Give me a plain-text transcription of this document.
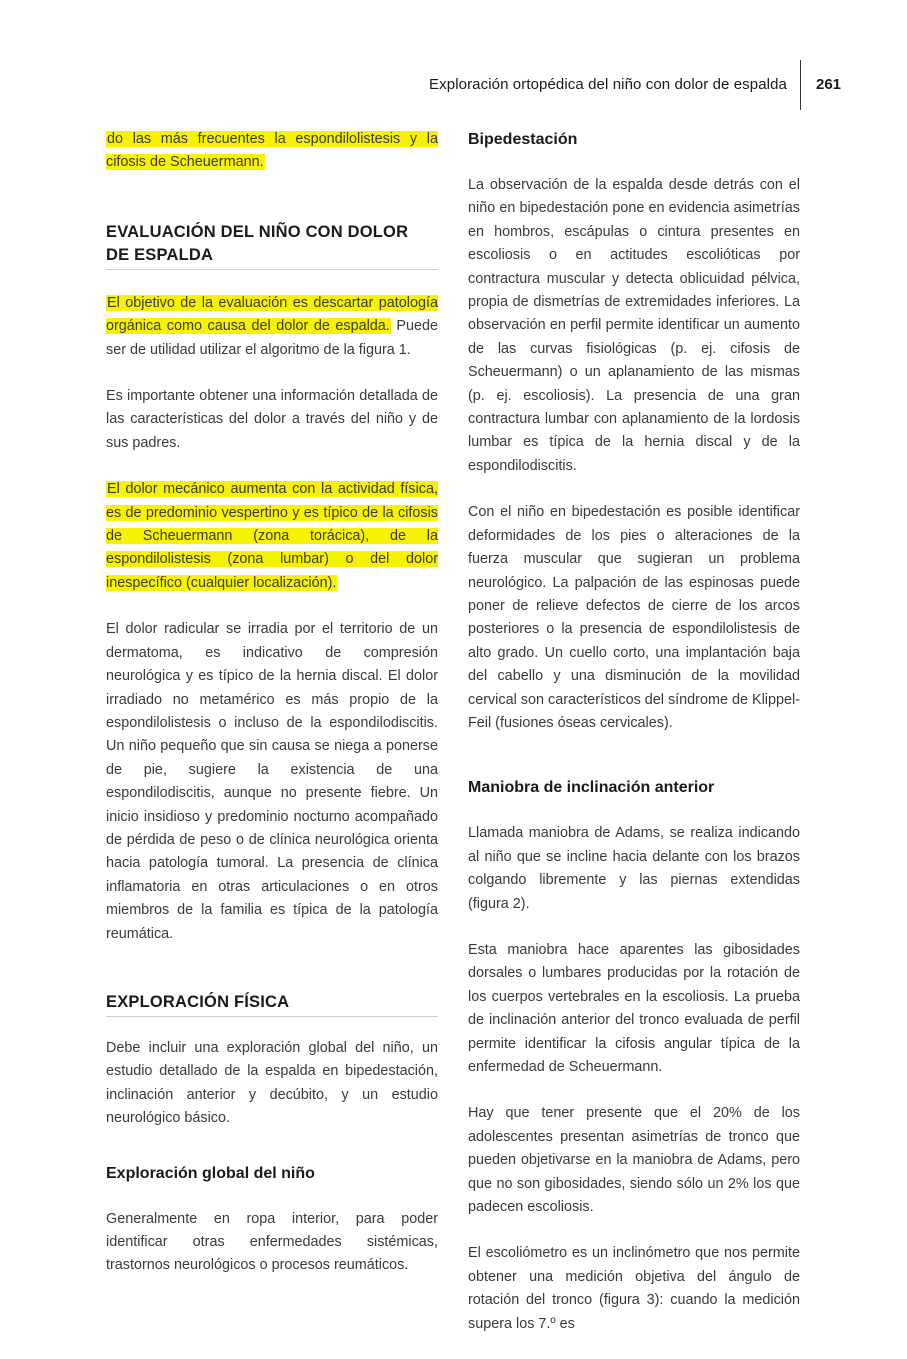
Exploración ortopédica del niño con dolor de espalda 261

do las más frecuentes la espondilolistesis y la cifosis de Scheuermann.

EVALUACIÓN DEL NIÑO CON DOLOR
DE ESPALDA

El objetivo de la evaluación es descartar patología orgánica como causa del dolor de espalda. Puede ser de utilidad utilizar el algoritmo de la figura 1.

Es importante obtener una información detallada de las características del dolor a través del niño y de sus padres.

El dolor mecánico aumenta con la actividad física, es de predominio vespertino y es típico de la cifosis de Scheuermann (zona torácica), de la espondilolistesis (zona lumbar) o del dolor inespecífico (cualquier localización).

El dolor radicular se irradia por el territorio de un dermatoma, es indicativo de compresión neurológica y es típico de la hernia discal. El dolor irradiado no metamérico es más propio de la espondilolistesis o incluso de la espondilodiscitis. Un niño pequeño que sin causa se niega a ponerse de pie, sugiere la existencia de una espondilodiscitis, aunque no presente fiebre. Un inicio insidioso y predominio nocturno acompañado de pérdida de peso o de clínica neurológica orienta hacia patología tumoral. La presencia de clínica inflamatoria en otras articulaciones o en otros miembros de la familia es típica de la patología reumática.

EXPLORACIÓN FÍSICA

Debe incluir una exploración global del niño, un estudio detallado de la espalda en bipedestación, inclinación anterior y decúbito, y un estudio neurológico básico.

Exploración global del niño

Generalmente en ropa interior, para poder identificar otras enfermedades sistémicas, trastornos neurológicos o procesos reumáticos.

Bipedestación

La observación de la espalda desde detrás con el niño en bipedestación pone en evidencia asimetrías en hombros, escápulas o cintura presentes en escoliosis o en actitudes escolióticas por contractura muscular y detecta oblicuidad pélvica, propia de dismetrías de extremidades inferiores. La observación en perfil permite identificar un aumento de las curvas fisiológicas (p. ej. cifosis de Scheuermann) o un aplanamiento de las mismas (p. ej. escoliosis). La presencia de una gran contractura lumbar con aplanamiento de la lordosis lumbar es típica de la hernia discal y de la espondilodiscitis.

Con el niño en bipedestación es posible identificar deformidades de los pies o alteraciones de la fuerza muscular que sugieran un problema neurológico. La palpación de las espinosas puede poner de relieve defectos de cierre de los arcos posteriores o la presencia de espondilolistesis de alto grado. Un cuello corto, una implantación baja del cabello y una disminución de la movilidad cervical son característicos del síndrome de Klippel-Feil (fusiones óseas cervicales).

Maniobra de inclinación anterior

Llamada maniobra de Adams, se realiza indicando al niño que se incline hacia delante con los brazos colgando libremente y las piernas extendidas (figura 2).

Esta maniobra hace aparentes las gibosidades dorsales o lumbares producidas por la rotación de los cuerpos vertebrales en la escoliosis. La prueba de inclinación anterior del tronco evaluada de perfil permite identificar la cifosis angular típica de la enfermedad de Scheuermann.

Hay que tener presente que el 20% de los adolescentes presentan asimetrías de tronco que pueden objetivarse en la maniobra de Adams, pero que no son gibosidades, siendo sólo un 2% los que padecen escoliosis.

El escoliómetro es un inclinómetro que nos permite obtener una medición objetiva del ángulo de rotación del tronco (figura 3): cuando la medición supera los 7.º es
